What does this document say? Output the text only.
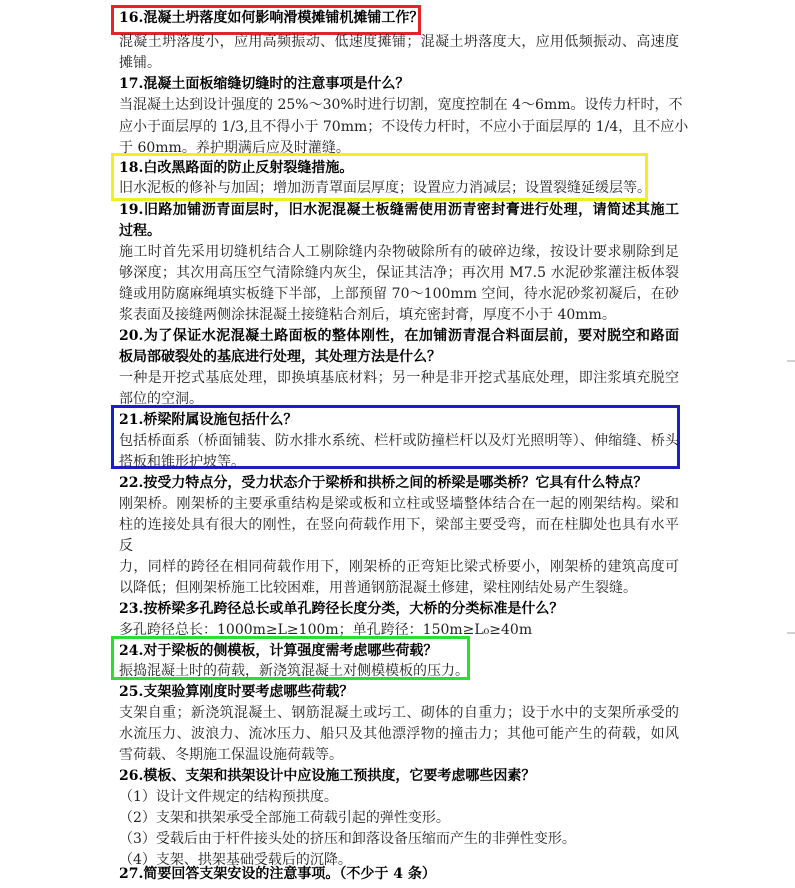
16.混凝土坍落度如何影响滑模摊铺机摊铺工作？
混凝土坍落度小，应用高频振动、低速度摊铺；混凝土坍落度大，应用低频振动、高速度
摊铺。
17.混凝土面板缩缝切缝时的注意事项是什么？
当混凝土达到设计强度的 25%～30%时进行切割，宽度控制在 4～6mm。设传力杆时，不
应小于面层厚的 1/3,且不得小于 70mm；不设传力杆时，不应小于面层厚的 1/4，且不应小
于 60mm。养护期满后应及时灌缝。
18.白改黑路面的防止反射裂缝措施。
旧水泥板的修补与加固；增加沥青罩面层厚度；设置应力消减层；设置裂缝延缓层等。
19.旧路加铺沥青面层时，旧水泥混凝土板缝需使用沥青密封膏进行处理，请简述其施工
过程。
施工时首先采用切缝机结合人工剔除缝内杂物破除所有的破碎边缘，按设计要求剔除到足
够深度；其次用高压空气清除缝内灰尘，保证其洁净；再次用 M7.5 水泥砂浆灌注板体裂
缝或用防腐麻绳填实板缝下半部，上部预留 70～100mm 空间，待水泥砂浆初凝后，在砂
浆表面及接缝两侧涂抹混凝土接缝粘合剂后，填充密封膏，厚度不小于 40mm。
20.为了保证水泥混凝土路面板的整体刚性，在加铺沥青混合料面层前，要对脱空和路面
板局部破裂处的基底进行处理，其处理方法是什么？
一种是开挖式基底处理，即换填基底材料；另一种是非开挖式基底处理，即注浆填充脱空
部位的空洞。
21.桥梁附属设施包括什么？
包括桥面系（桥面铺装、防水排水系统、栏杆或防撞栏杆以及灯光照明等）、伸缩缝、桥头
搭板和锥形护坡等。
22.按受力特点分，受力状态介于梁桥和拱桥之间的桥梁是哪类桥？它具有什么特点？
刚架桥。刚架桥的主要承重结构是梁或板和立柱或竖墙整体结合在一起的刚架结构。梁和
柱的连接处具有很大的刚性，在竖向荷载作用下，梁部主要受弯，而在柱脚处也具有水平
反
力，同样的跨径在相同荷载作用下，刚架桥的正弯矩比梁式桥要小，刚架桥的建筑高度可
以降低；但刚架桥施工比较困难，用普通钢筋混凝土修建，梁柱刚结处易产生裂缝。
23.按桥梁多孔跨径总长或单孔跨径长度分类，大桥的分类标准是什么？
多孔跨径总长：1000m≥L≥100m；单孔跨径：150m≥L₀≥40m
24.对于梁板的侧模板，计算强度需考虑哪些荷载？
振捣混凝土时的荷载，新浇筑混凝土对侧模模板的压力。
25.支架验算刚度时要考虑哪些荷载？
支架自重；新浇筑混凝土、钢筋混凝土或圬工、砌体的自重力；设于水中的支架所承受的
水流压力、波浪力、流冰压力、船只及其他漂浮物的撞击力；其他可能产生的荷载，如风
雪荷载、冬期施工保温设施荷载等。
26.模板、支架和拱架设计中应设施工预拱度，它要考虑哪些因素？
（1）设计文件规定的结构预拱度。
（2）支架和拱架承受全部施工荷载引起的弹性变形。
（3）受载后由于杆件接头处的挤压和卸落设备压缩而产生的非弹性变形。
（4）支架、拱架基础受载后的沉降。
27.简要回答支架安设的注意事项。（不少于 4 条）
